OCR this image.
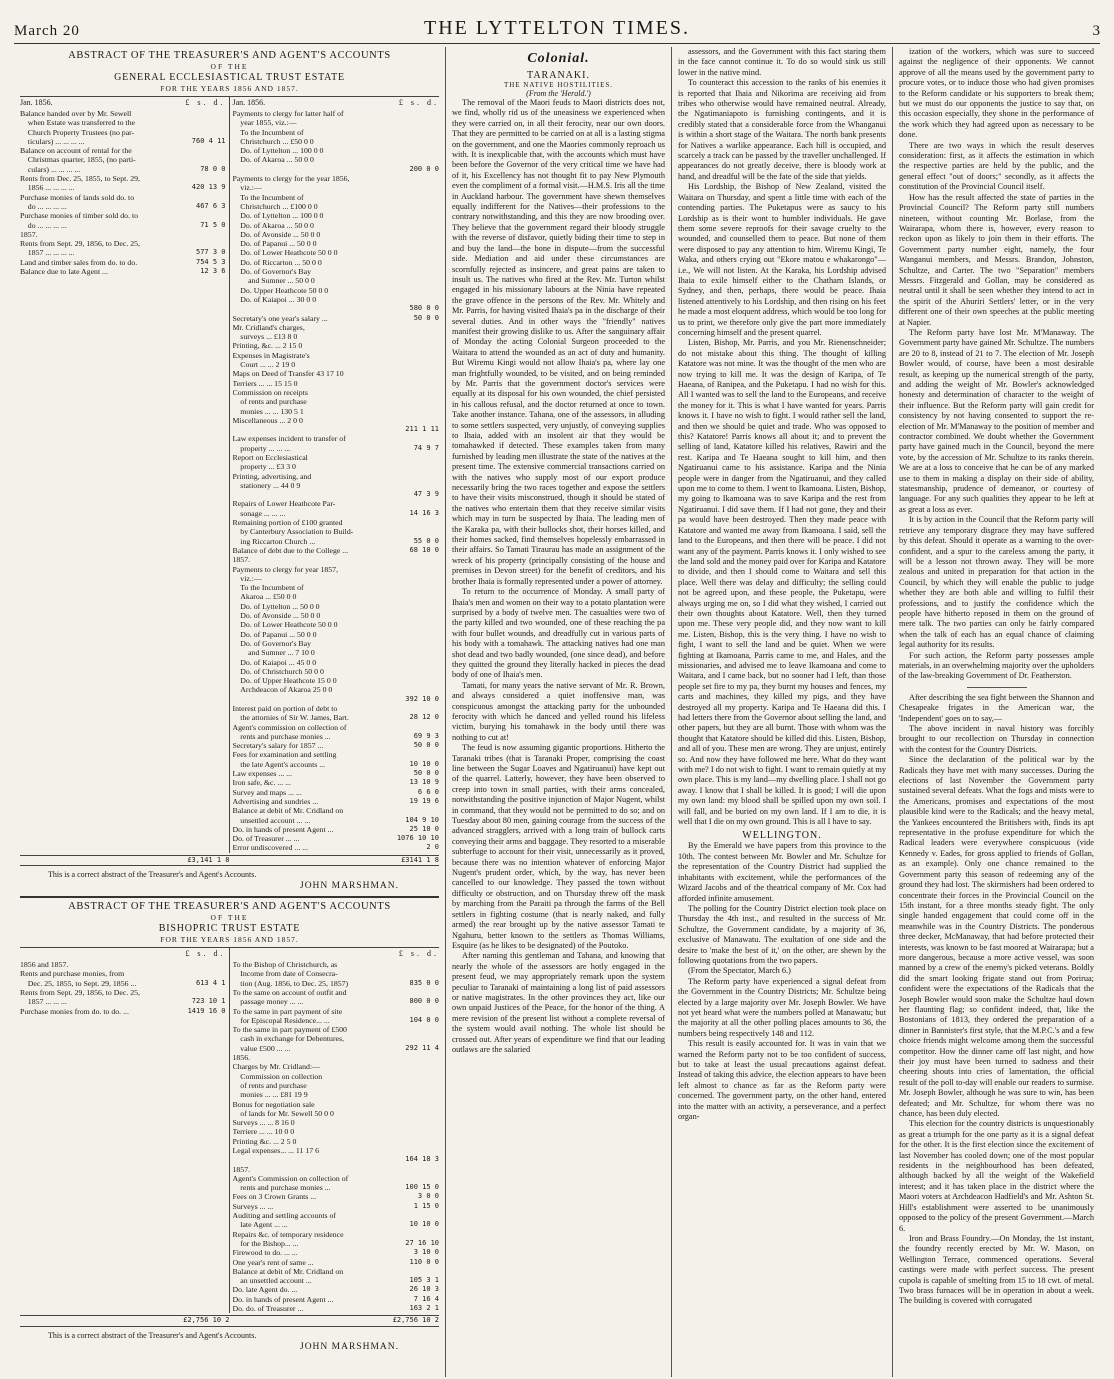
March 20	THE LYTTELTON TIMES.	3
ABSTRACT OF THE TREASURER'S AND AGENT'S ACCOUNTS
OF THE
GENERAL ECCLESIASTICAL TRUST ESTATE
FOR THE YEARS 1856 AND 1857.
Jan. 1856.	£ s. d.
Balance handed over by Mr. Sewell
when Estate was transferred to the
Church Property Trustees (no par-
ticulars) ... ... ... ...	760 4 11
Balance on account of rental for the
Christmas quarter, 1855, (no parti-
culars) ... ... ... ...	78 0 0
Rents from Dec. 25, 1855, to Sept. 29,
1856 ... ... ... ...	420 13 9
Purchase monies of lands sold do. to
do ... ... ... ...	467 6 3
Purchase monies of timber sold do. to
do ... ... ... ...	71 5 0
1857.
Rents from Sept. 29, 1856, to Dec. 25,
1857 ... ... ... ...	577 3 0
Land and timber sales from do. to do.	754 5 3
Balance due to late Agent ...	12 3 6
Jan. 1856.	£ s. d.
Payments to clergy for latter half of
year 1855, viz.:—
To the Incumbent of
Christchurch ... £50 0 0
Do. of Lyttelton ... 100 0 0
Do. of Akaroa ... 50 0 0
200 0 0
Payments to clergy for the year 1856,
viz.:—
To the Incumbent of
Christchurch ... £100 0 0
Do. of Lyttelton ... 100 0 0
Do. of Akaroa ... 50 0 0
Do. of Avonside ... 50 0 0
Do. of Papanui ... 50 0 0
Do. of Lower Heathcote 50 0 0
Do. of Riccarton ... 50 0 0
Do. of Governor's Bay
and Sumner ... 50 0 0
Do. Upper Heathcote 50 0 0
Do. of Kaiapoi ... 30 0 0
580 0 0
Secretary's one year's salary ...	50 0 0
Mr. Cridland's charges,
surveys ... £13 8 0
Printing, &c. ... 2 15 0
Expenses in Magistrate's
Court ... ... 2 19 0
Maps on Deed of Transfer 43 17 10
Terriers ... ... 15 15 0
Commission on receipts
of rents and purchase
monies ... ... 130 5 1
Miscellaneous ... 2 0 0
211 1 11
Law expenses incident to transfer of
property ... ... ...	74 9 7
Report on Ecclesiastical
property ... £3 3 0
Printing, advertising, and
stationery ... 44 0 9
47 3 9
Repairs of Lower Heathcote Par-
sonage ... ... ...	14 16 3
Remaining portion of £100 granted
by Canterbury Association to Build-
ing Riccarton Church ...	55 0 0
Balance of debt due to the College ...	68 10 0
1857.
Payments to clergy for year 1857,
viz.:—
To the Incumbent of
Akaroa ... £50 0 0
Do. of Lyttelton ... 50 0 0
Do. of Avonside ... 50 0 0
Do. of Lower Heathcote 50 0 0
Do. of Papanui ... 50 0 0
Do. of Governor's Bay
and Sumner ... 7 10 0
Do. of Kaiapoi ... 45 0 0
Do. of Christchurch 50 0 0
Do. of Upper Heathcote 15 0 0
Archdeacon of Akaroa 25 0 0
392 10 0
Interest paid on portion of debt to
the attornies of Sir W. James, Bart.	28 12 0
Agent's commission on collection of
rents and purchase monies ...	69 9 3
Secretary's salary for 1857 ...	50 0 0
Fees for examination and settling
the late Agent's accounts ...	10 10 0
Law expenses ... ...	50 0 0
Iron safe, &c. ... ...	13 10 9
Survey and maps ... ...	6 6 0
Advertising and sundries ...	19 19 6
Balance at debit of Mr. Cridland on
unsettled account ... ...	104 9 10
Do. in hands of present Agent ...	25 10 0
Do. of Treasurer ... ...	1076 10 10
Error undiscovered ... ...	2 0
£3,141 1 8	£3141 1 8
This is a correct abstract of the Treasurer's and Agent's Accounts.
JOHN MARSHMAN.
ABSTRACT OF THE TREASURER'S AND AGENT'S ACCOUNTS
OF THE
BISHOPRIC TRUST ESTATE
FOR THE YEARS 1856 AND 1857.
£ s. d.
1856 and 1857.
Rents and purchase monies, from
Dec. 25, 1855, to Sept. 29, 1856 ...	613 4 1
Rents from Sept. 29, 1856, to Dec. 25,
1857 ... ... ...	723 10 1
Purchase monies from do. to do. ...	1419 16 0
£ s. d.
To the Bishop of Christchurch, as
Income from date of Consecra-
tion (Aug. 1856, to Dec. 25, 1857)	835 0 0
To the same on account of outfit and
passage money ... ...	800 0 0
To the same in part payment of site
for Episcopal Residence... ...	104 0 0
To the same in part payment of £500
cash in exchange for Debentures,
value £500 ... ...	292 11 4
1856.
Charges by Mr. Cridland:—
Commission on collection
of rents and purchase
monies ... ... £81 19 9
Bonus for negotiation sale
of lands for Mr. Sewell 50 0 0
Surveys ... ... 8 16 0
Terriere ... ... 10 0 0
Printing &c. ... 2 5 0
Legal expenses... ... 11 17 6
164 18 3
1857.
Agent's Commission on collection of
rents and purchase monies ...	100 15 0
Fees on 3 Crown Grants ...	3 0 0
Surveys ... ...	1 15 0
Auditing and settling accounts of
late Agent ... ...	10 10 0
Repairs &c. of temporary residence
for the Bishop... ...	27 16 10
Firewood to do. ... ...	3 10 0
One year's rent of same ...	110 0 0
Balance at debit of Mr. Cridland on
an unsettled account ...	105 3 1
Do. late Agent do. ...	26 10 3
Do. in hands of present Agent ...	7 16 4
Do. do. of Treasurer ...	163 2 1
£2,756 10 2	£2,756 10 2
This is a correct abstract of the Treasurer's and Agent's Accounts.
JOHN MARSHMAN.
Colonial.
TARANAKI.
THE NATIVE HOSTILITIES.
(From the 'Herald.')

The removal of the Maori feuds to Maori districts does not, we find, wholly rid us of the uneasiness we experienced when they were carried on, in all their ferocity, near our own doors. That they are permitted to be carried on at all is a lasting stigma on the government, and one the Maories commonly reproach us with. It is inexplicable that, with the accounts which must have been before the Governor of the very critical time we have had of it, his Excellency has not thought fit to pay New Plymouth even the compliment of a formal visit.—H.M.S. Iris all the time in Auckland harbour. The government have shewn themselves equally indifferent for the Natives—their professions to the contrary notwithstanding, and this they are now brooding over. They believe that the government regard their bloody struggle with the reverse of disfavor, quietly biding their time to step in and buy the land—the bone in dispute—from the successful side. Mediation and aid under these circumstances are scornfully rejected as insincere, and great pains are taken to insult us. The natives who fired at the Rev. Mr. Turton whilst engaged in his missionary labours at the Ninia have repeated the grave offence in the persons of the Rev. Mr. Whitely and Mr. Parris, for having visited Ihaia's pa in the discharge of their several duties. And in other ways the "friendly" natives manifest their growing dislike to us. After the sanguinary affair of Monday the acting Colonial Surgeon proceeded to the Waitara to attend the wounded as an act of duty and humanity. But Wiremu Kingi would not allow Ihaia's pa, where lay one man frightfully wounded, to be visited, and on being reminded by Mr. Parris that the government doctor's services were equally at its disposal for his own wounded, the chief persisted in his callous refusal, and the doctor returned at once to town. Take another instance. Tahana, one of the assessors, in alluding to some settlers suspected, very unjustly, of conveying supplies to Ihaia, added with an insolent air that they would be tomahawked if detected. These examples taken from many furnished by leading men illustrate the state of the natives at the present time. The extensive commercial transactions carried on with the natives who supply most of our export produce necessarily bring the two races together and expose the settlers to have their visits misconstrued, though it should be stated of the natives who entertain them that they receive similar visits which may in turn be suspected by Ihaia. The leading men of the Karaka pa, with their bullocks shot, their horses killed, and their homes sacked, find themselves hopelessly embarrassed in their affairs. So Tamati Tiraurau has made an assignment of the wreck of his property (principally consisting of the house and premises in Devon street) for the benefit of creditors, and his brother Ihaia is formally represented under a power of attorney.

To return to the occurrence of Monday. A small party of Ihaia's men and women on their way to a potato plantation were surprised by a body of twelve men. The casualties were two of the party killed and two wounded, one of these reaching the pa with four bullet wounds, and dreadfully cut in various parts of his body with a tomahawk. The attacking natives had one man shot dead and two badly wounded, (one since dead), and before they quitted the ground they literally hacked in pieces the dead body of one of Ihaia's men.

Tamati, for many years the native servant of Mr. R. Brown, and always considered a quiet inoffensive man, was conspicuous amongst the attacking party for the unbounded ferocity with which he danced and yelled round his lifeless victim, burying his tomahawk in the body until there was nothing to cut at!

The feud is now assuming gigantic proportions. Hitherto the Taranaki tribes (that is Taranaki Proper, comprising the coast line between the Sugar Loaves and Ngatiruanui) have kept out of the quarrel. Latterly, however, they have been observed to creep into town in small parties, with their arms concealed, notwithstanding the positive injunction of Major Nugent, whilst in command, that they would not be permitted to do so; and on Tuesday about 80 men, gaining courage from the success of the advanced stragglers, arrived with a long train of bullock carts conveying their arms and baggage. They resorted to a miserable subterfuge to account for their visit, unnecessarily as it proved, because there was no intention whatever of enforcing Major Nugent's prudent order, which, by the way, has never been cancelled to our knowledge. They passed the town without difficulty or obstruction, and on Thursday threw off the mask by marching from the Paraiti pa through the farms of the Bell settlers in fighting costume (that is nearly naked, and fully armed) the rear brought up by the native assessor Tamati te Ngahuru, better known to the settlers as Thomas Williams, Esquire (as he likes to be designated) of the Poutoko.

After naming this gentleman and Tahana, and knowing that nearly the whole of the assessors are hotly engaged in the present feud, we may appropriately remark upon the system peculiar to Taranaki of maintaining a long list of paid assessors or native magistrates. In the other provinces they act, like our own unpaid Justices of the Peace, for the honor of the thing. A mere revision of the present list without a complete reversal of the system would avail nothing. The whole list should be crossed out. After years of expenditure we find that our leading outlaws are the salaried

assessors, and the Government with this fact staring them in the face cannot continue it. To do so would sink us still lower in the native mind.

To counteract this accession to the ranks of his enemies it is reported that Ihaia and Nikorima are receiving aid from tribes who otherwise would have remained neutral. Already, the Ngatimaniapoto is furnishing contingents, and it is credibly stated that a considerable force from the Whanganui is within a short stage of the Waitara. The north bank presents for Natives a warlike appearance. Each hill is occupied, and scarcely a track can be passed by the traveller unchallenged. If appearances do not greatly deceive, there is bloody work at hand, and dreadful will be the fate of the side that yields.

His Lordship, the Bishop of New Zealand, visited the Waitara on Thursday, and spent a little time with each of the contending parties. The Puketapus were as saucy to his Lordship as is their wont to humbler individuals. He gave them some severe reproofs for their savage cruelty to the wounded, and counselled them to peace. But none of them were disposed to pay any attention to him. Wiremu Kingi, Te Waka, and others crying out "Ekore matou e whakarongo"—i.e., We will not listen. At the Karaka, his Lordship advised Ihaia to exile himself either to the Chatham Islands, or Sydney, and then, perhaps, there would be peace. Ihaia listened attentively to his Lordship, and then rising on his feet he made a most eloquent address, which would be too long for us to print, we therefore only give the part more immediately concerning himself and the present quarrel.

Listen, Bishop, Mr. Parris, and you Mr. Rienenschneider; do not mistake about this thing. The thought of killing Katatore was not mine. It was the thought of the men who are now trying to kill me. It was the design of Karipa, of Te Haeana, of Ranipea, and the Puketapu. I had no wish for this. All I wanted was to sell the land to the Europeans, and receive the money for it. This is what I have wanted for years. Parris knows it. I have no wish to fight. I would rather sell the land, and then we should be quiet and trade. Who was opposed to this? Katatore! Parris knows all about it; and to prevent the selling of land, Katatore killed his relatives, Rawiri and the rest. Karipa and Te Haeana sought to kill him, and then Ngatiruanui came to his assistance. Karipa and the Ninia people were in danger from the Ngatiruanui, and they called upon me to come to them. I went to Ikamoana. Listen, Bishop, my going to Ikamoana was to save Karipa and the rest from Ngatiruanui. I did save them. If I had not gone, they and their pa would have been destroyed. Then they made peace with Katatore and wanted me away from Ikamoana. I said, sell the land to the Europeans, and then there will be peace. I did not want any of the payment. Parris knows it. I only wished to see the land sold and the money paid over for Karipa and Katatore to divide, and then I should come to Waitara and sell this place. Well there was delay and difficulty; the selling could not be agreed upon, and these people, the Puketapu, were always urging me on, so I did what they wished, I carried out their own thoughts about Katatore. Well, then they turned upon me. These very people did, and they now want to kill me. Listen, Bishop, this is the very thing. I have no wish to fight, I want to sell the land and be quiet. When we were fighting at Ikamoana, Parris came to me, and Hales, and the missionaries, and advised me to leave Ikamoana and come to Waitara, and I came back, but no sooner had I left, than those people set fire to my pa, they burnt my houses and fences, my carts and machines, they killed my pigs, and they have destroyed all my property. Karipa and Te Haeana did this. I had letters there from the Governor about selling the land, and other papers, but they are all burnt. Those with whom was the thought that Katatore should be killed did this. Listen, Bishop, and all of you. These men are wrong. They are unjust, entirely so. And now they have followed me here. What do they want with me? I do not wish to fight. I want to remain quietly at my own place. This is my land—my dwelling place. I shall not go away. I know that I shall be killed. It is good; I will die upon my own land: my blood shall be spilled upon my own soil. I will fall, and be buried on my own land. If I am to die, it is well that I die on my own ground. This is all I have to say.

WELLINGTON.

By the Emerald we have papers from this province to the 10th. The contest between Mr. Bowler and Mr. Schultze for the representation of the Country District had supplied the inhabitants with excitement, while the performances of the Wizard Jacobs and of the theatrical company of Mr. Cox had afforded infinite amusement.

The polling for the Country District election took place on Thursday the 4th inst., and resulted in the success of Mr. Schultze, the Government candidate, by a majority of 36, exclusive of Manawatu. The exultation of one side and the desire to 'make the best of it,' on the other, are shewn by the following quotations from the two papers.

(From the Spectator, March 6.)

The Reform party have experienced a signal defeat from the Government in the Country Districts; Mr. Schultze being elected by a large majority over Mr. Joseph Bowler. We have not yet heard what were the numbers polled at Manawatu; but the majority at all the other polling places amounts to 36, the numbers being respectively 148 and 112.

This result is easily accounted for. It was in vain that we warned the Reform party not to be too confident of success, but to take at least the usual precautions against defeat. Instead of taking this advice, the election appears to have been left almost to chance as far as the Reform party were concerned. The government party, on the other hand, entered into the matter with an activity, a perseverance, and a perfect organ-

ization of the workers, which was sure to succeed against the negligence of their opponents. We cannot approve of all the means used by the government party to procure votes, or to induce those who had given promises to the Reform candidate or his supporters to break them; but we must do our opponents the justice to say that, on this occasion especially, they shone in the performance of the work which they had agreed upon as necessary to be done.

There are two ways in which the result deserves consideration: first, as it affects the estimation in which the respective parties are held by the public, and the general effect "out of doors;" secondly, as it affects the constitution of the Provincial Council itself.

How has the result affected the state of parties in the Provincial Council? The Reform party still numbers nineteen, without counting Mr. Borlase, from the Wairarapa, whom there is, however, every reason to reckon upon as likely to join them in their efforts. The Government party number eight, namely, the four Wanganui members, and Messrs. Brandon, Johnston, Schultze, and Carter. The two "Separation" members Messrs. Fitzgerald and Gollan, may be considered as neutral until it shall be seen whether they intend to act in the spirit of the Ahuriri Settlers' letter, or in the very different one of their own speeches at the public meeting at Napier.

The Reform party have lost Mr. M'Manaway. The Government party have gained Mr. Schultze. The numbers are 20 to 8, instead of 21 to 7. The election of Mr. Joseph Bowler would, of course, have been a most desirable result, as keeping up the numerical strength of the party, and adding the weight of Mr. Bowler's acknowledged honesty and determination of character to the weight of their influence. But the Reform party will gain credit for consistency by not having consented to support the re-election of Mr. M'Manaway to the position of member and contractor combined. We doubt whether the Government party have gained much in the Council, beyond the mere vote, by the accession of Mr. Schultze to its ranks therein. We are at a loss to conceive that he can be of any marked use to them in making a display on their side of ability, statesmanship, prudence of demeanor, or courtesy of language. For any such qualities they appear to be left at as great a loss as ever.

It is by action in the Council that the Reform party will retrieve any temporary disgrace they may have suffered by this defeat. Should it operate as a warning to the over-confident, and a spur to the careless among the party, it will be a lesson not thrown away. They will be more zealous and united in preparation for that action in the Council, by which they will enable the public to judge whether they are both able and willing to fulfil their professions, and to justify the confidence which the people have hitherto reposed in them on the ground of mere talk. The two parties can only be fairly compared when the talk of each has an equal chance of claiming legal authority for its results.

For such action, the Reform party possesses ample materials, in an overwhelming majority over the upholders of the law-breaking Government of Dr. Featherston.

After describing the sea fight between the Shannon and Chesapeake frigates in the American war, the 'Independent' goes on to say,—

The above incident in naval history was forcibly brought to our recollection on Thursday in connection with the contest for the Country Districts.

Since the declaration of the political war by the Radicals they have met with many successes. During the elections of last November the Government party sustained several defeats. What the fogs and mists were to the Americans, promises and expectations of the most plausible kind were to the Radicals; and the heavy metal, the Yankees encountered the Britishers with, finds its apt representative in the profuse expenditure for which the Radical leaders were everywhere conspicuous (vide Kennedy v. Eades, for gross applied to friends of Gollan, as an example). Only one chance remained to the Government party this season of redeeming any of the ground they had lost. The skirmishers had been ordered to concentrate their forces in the Provincial Council on the 15th instant, for a three months steady fight. The only single handed engagement that could come off in the meanwhile was in the Country Districts. The ponderous three decker, McManaway, that had before protected their interests, was known to be fast moored at Wairarapa; but a more dangerous, because a more active vessel, was soon manned by a crew of the enemy's picked veterans. Boldly did the smart looking frigate stand out from Porirua; confident were the expectations of the Radicals that the Joseph Bowler would soon make the Schultze haul down her flaunting flag; so confident indeed, that, like the Bostonians of 1813, they ordered the preparation of a dinner in Bannister's first style, that the M.P.C.'s and a few choice friends might welcome among them the successful competitor. How the dinner came off last night, and how their joy must have been turned to sadness and their cheering shouts into cries of lamentation, the official result of the poll to-day will enable our readers to surmise. Mr. Joseph Bowler, although he was sure to win, has been defeated; and Mr. Schultze, for whom there was no chance, has been duly elected.

This election for the country districts is unquestionably as great a triumph for the one party as it is a signal defeat for the other. It is the first election since the excitement of last November has cooled down; one of the most popular residents in the neighbourhood has been defeated, although backed by all the weight of the Wakefield interest; and it has taken place in the district where the Maori voters at Archdeacon Hadfield's and Mr. Ashton St. Hill's establishment were asserted to be unanimously opposed to the policy of the present Government.—March 6.

Iron and Brass Foundry.—On Monday, the 1st instant, the foundry recently erected by Mr. W. Mason, on Wellington Terrace, commenced operations. Several castings were made with perfect success. The present cupola is capable of smelting from 15 to 18 cwt. of metal. Two brass furnaces will be in operation in about a week. The building is covered with corrugated
